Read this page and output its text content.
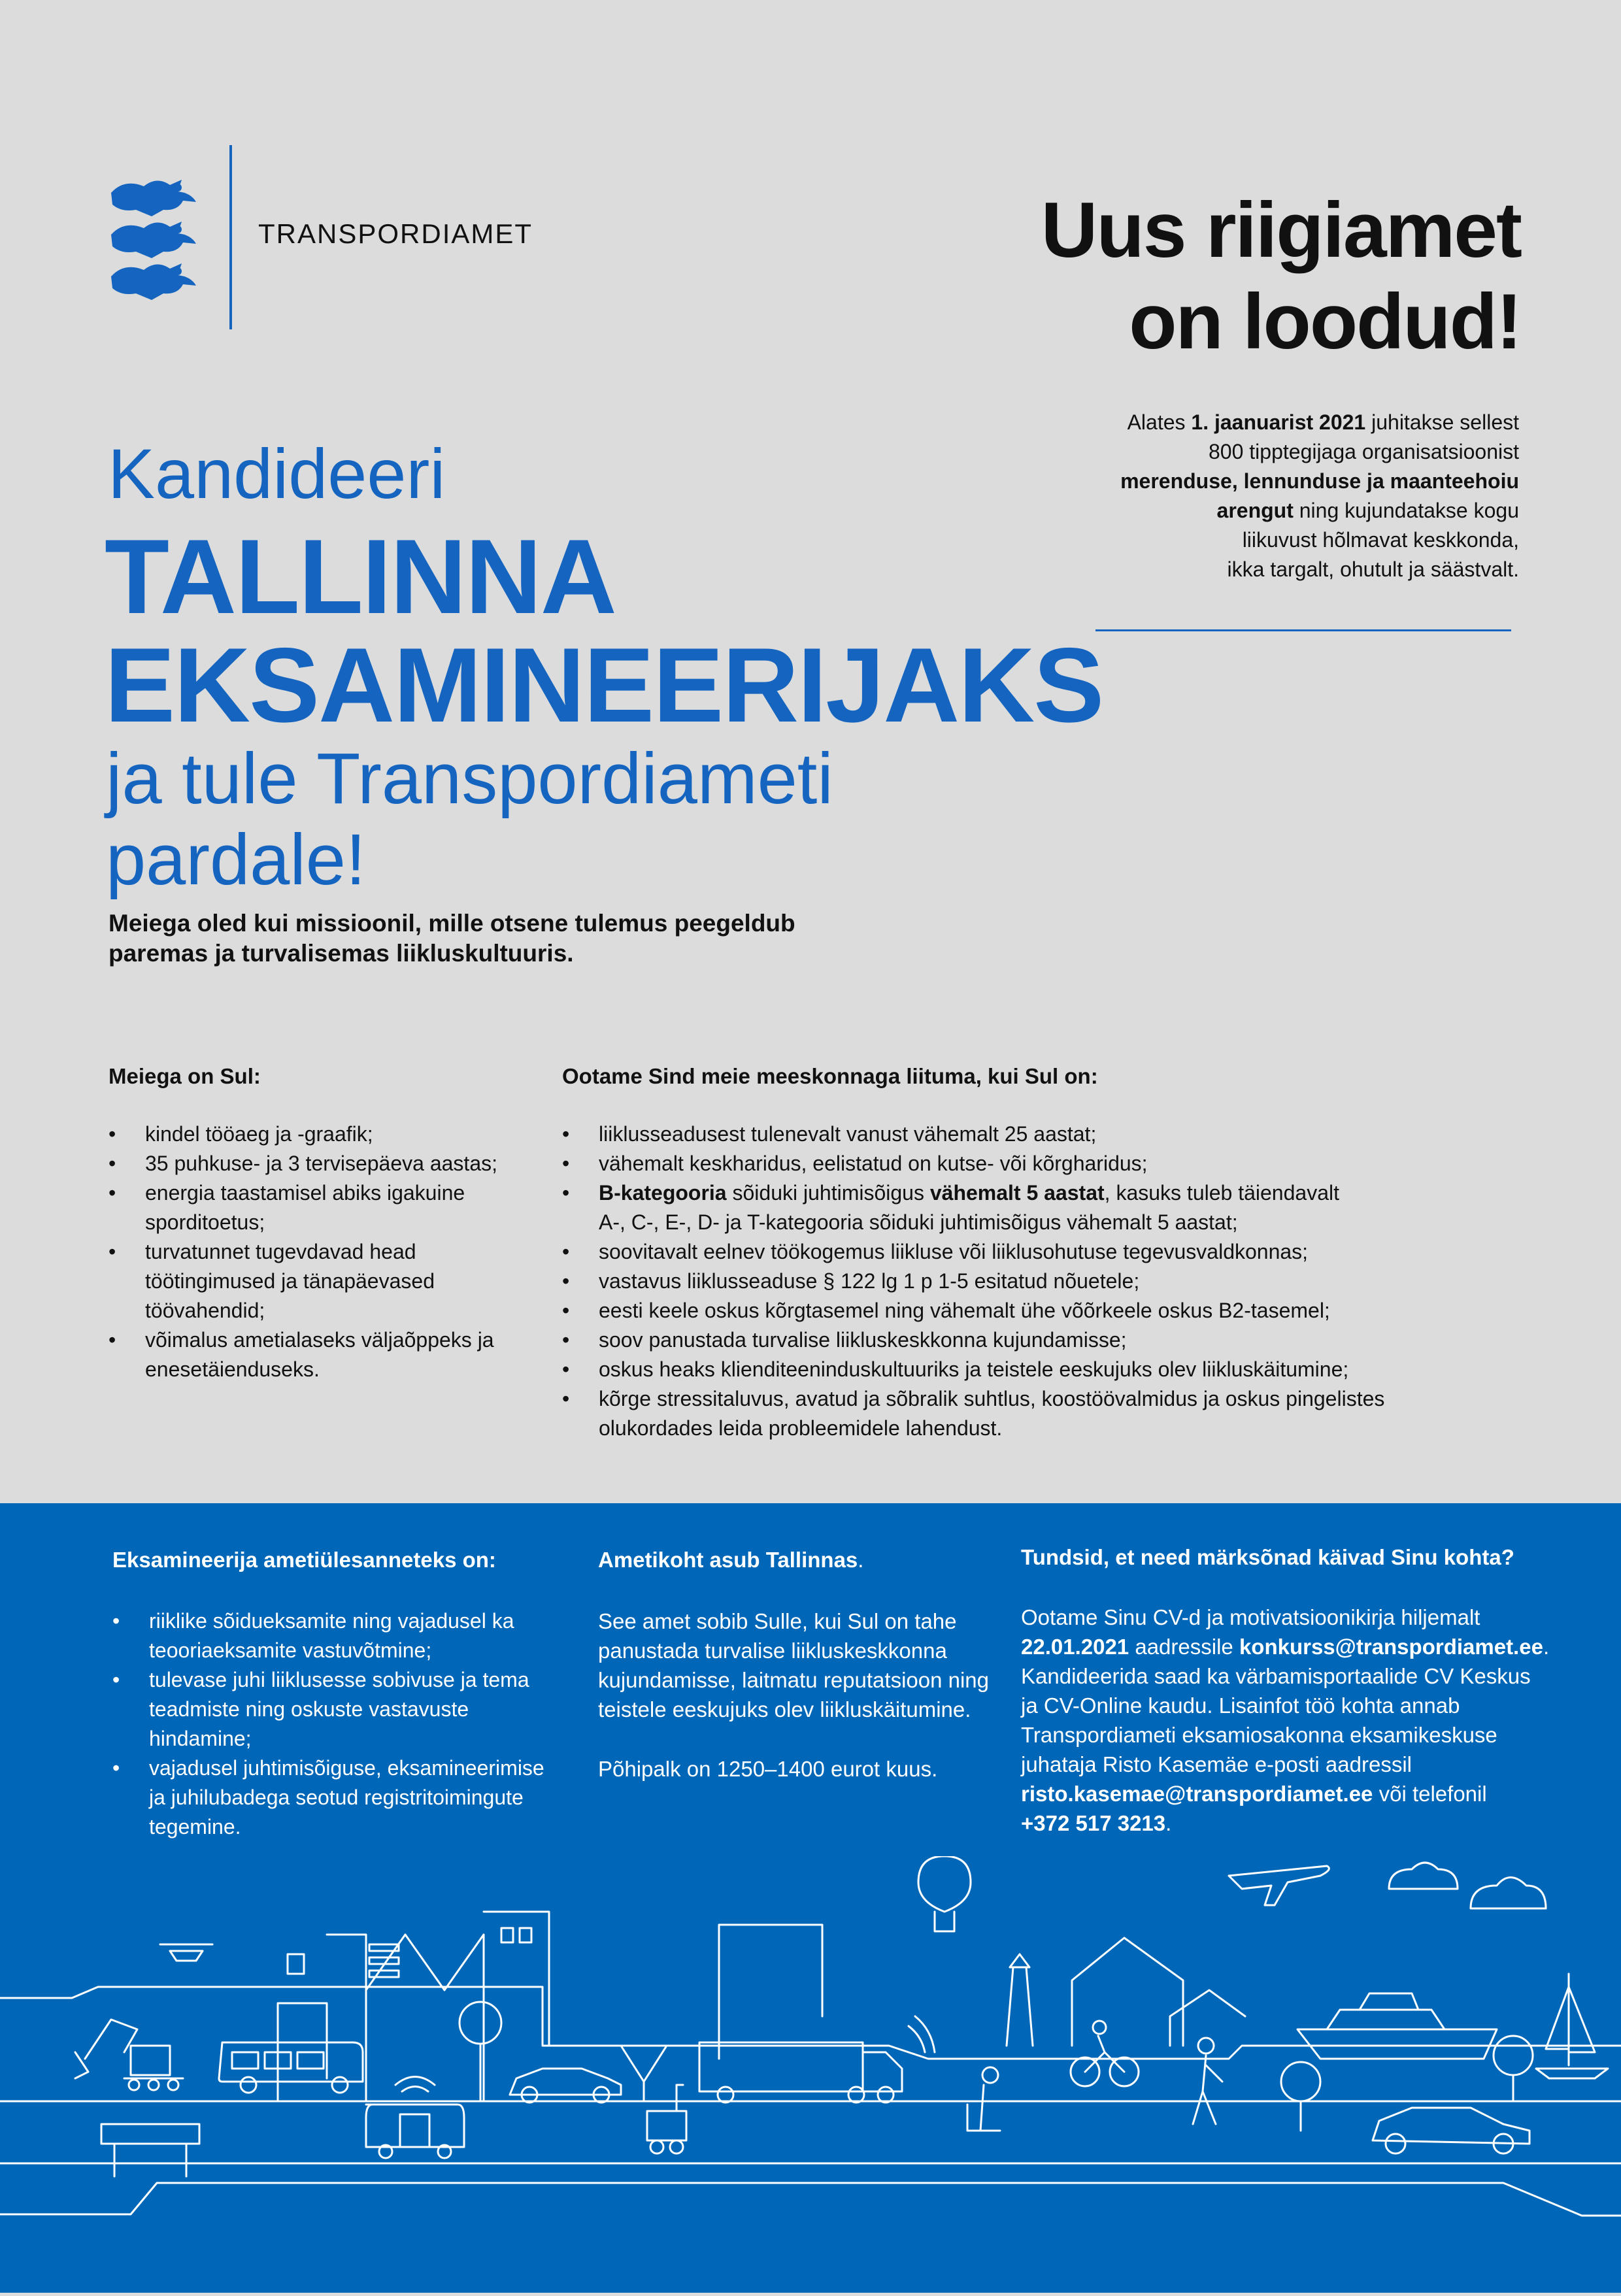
TRANSPORDIAMET	Uus riigiamet
on loodud!
Alates 1. jaanuarist 2021 juhitakse sellest
800 tipptegijaga organisatsioonist
merenduse, lennunduse ja maanteehoiu
arengut ning kujundatakse kogu
liikuvust hõlmavat keskkonda,
ikka targalt, ohutult ja säästvalt.
Kandideeri
TALLINNA
EKSAMINEERIJAKS
ja tule Transpordiameti
pardale!
Meiega oled kui missioonil, mille otsene tulemus peegeldub
paremas ja turvalisemas liikluskultuuris.
Meiega on Sul:
• kindel tööaeg ja -graafik;
• 35 puhkuse- ja 3 tervisepäeva aastas;
• energia taastamisel abiks igakuine
sporditoetus;
• turvatunnet tugevdavad head
töötingimused ja tänapäevased
töövahendid;
• võimalus ametialaseks väljaõppeks ja
enesetäienduseks.
Ootame Sind meie meeskonnaga liituma, kui Sul on:
• liiklusseadusest tulenevalt vanust vähemalt 25 aastat;
• vähemalt keskharidus, eelistatud on kutse- või kõrgharidus;
• B-kategooria sõiduki juhtimisõigus vähemalt 5 aastat, kasuks tuleb täiendavalt
A-, C-, E-, D- ja T-kategooria sõiduki juhtimisõigus vähemalt 5 aastat;
• soovitavalt eelnev töökogemus liikluse või liiklusohutuse tegevusvaldkonnas;
• vastavus liiklusseaduse § 122 lg 1 p 1-5 esitatud nõuetele;
• eesti keele oskus kõrgtasemel ning vähemalt ühe võõrkeele oskus B2-tasemel;
• soov panustada turvalise liikluskeskkonna kujundamisse;
• oskus heaks klienditeeninduskultuuriks ja teistele eeskujuks olev liikluskäitumine;
• kõrge stressitaluvus, avatud ja sõbralik suhtlus, koostöövalmidus ja oskus pingelistes
olukordades leida probleemidele lahendust.
Eksamineerija ametiülesanneteks on:
• riiklike sõidueksamite ning vajadusel ka
teooriaeksamite vastuvõtmine;
• tulevase juhi liiklusesse sobivuse ja tema
teadmiste ning oskuste vastavuste
hindamine;
• vajadusel juhtimisõiguse, eksamineerimise
ja juhilubadega seotud registritoimingute
tegemine.
Ametikoht asub Tallinnas.
See amet sobib Sulle, kui Sul on tahe
panustada turvalise liikluskeskkonna
kujundamisse, laitmatu reputatsioon ning
teistele eeskujuks olev liikluskäitumine.
Põhipalk on 1250–1400 eurot kuus.
Tundsid, et need märksõnad käivad Sinu kohta?
Ootame Sinu CV-d ja motivatsioonikirja hiljemalt
22.01.2021 aadressile konkurss@transpordiamet.ee.
Kandideerida saad ka värbamisportaalide CV Keskus
ja CV-Online kaudu. Lisainfot töö kohta annab
Transpordiameti eksamiosakonna eksamikeskuse
juhataja Risto Kasemäe e-posti aadressil
risto.kasemae@transpordiamet.ee või telefonil
+372 517 3213.
